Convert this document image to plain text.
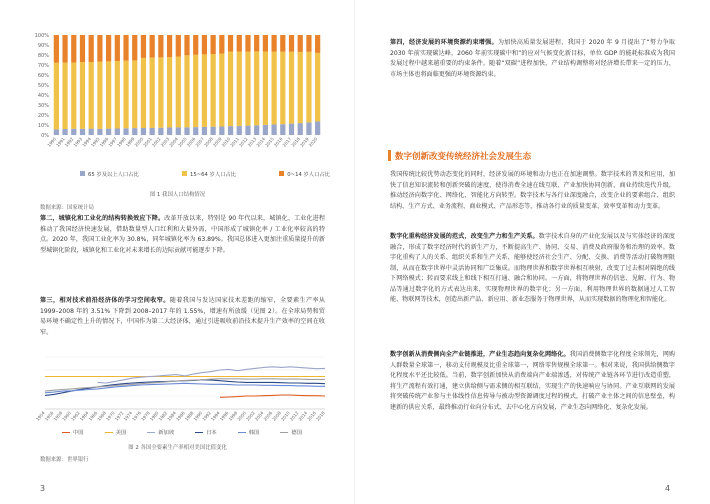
100%
90%
80%
70%
60%
50%
40%
30%
20%
10%
0%
1990
1991
1992
1993
1994
1995
1996
1997
1998
1999
2000
2001
2002
2003
2004
2005
2006
2007
2008
2009
2010
2011
2012
2013
2014
2015
2016
2017
2018
2019
2020
65 岁及以上人口占比	15~64 岁人口占比	0~14 岁人口占比
图 1 我国人口结构情况
数据来源：国家统计局

第二，城镇化和工业化的结构转换效应下降。改革开放以来，特别是 90 年代以来，城镇化、工业化进程推动了我国经济快速发展，借助数量型人口红利和大量外需，中国形成了城镇化率 / 工业化率较高的特点。2020 年，我国工业化率为 30.8%，同年城镇化率为 63.89%。我国总体进入更加注重质量提升的新型城镇化阶段，城镇化和工业化对未来增长的边际贡献可能逐步下降。

第三，相对技术前沿经济体的学习空间收窄。随着我国与发达国家技术差距的缩窄，全要素生产率从 1999–2008 年的 3.51% 下降到 2008–2017 年的 1.55%，增速有所放缓（见图 2）。在全球局势和贸易环境不确定性上升的情况下，中国作为第二大经济体，通过引进吸收前沿技术提升生产效率的空间在收窄。

1954
1956
1958
1960
1962
1964
1966
1968
1970
1972
1974
1976
1978
1980
1982
1984
1986
1988
1990
1992
1994
1996
1998
2000
2002
2004
2006
2008
2010
2012
2014
2016
2018
中国	美国	新加坡	日本	韩国	德国
图 2 各国全要素生产率相对美国比值变化
数据来源：世界银行
3

第四，经济发展的环境资源约束增强。为加快高质量发展进程，我国于 2020 年 9 月提出了“努力争取 2030 年前实现碳达峰，2060 年前实现碳中和”的应对气候变化新目标，单位 GDP 的能耗标准成为我国发展过程中越来越重要的约束条件。随着“双碳”进程加快，产业结构调整将对经济增长带来一定的压力，市场主体也将面临更强的环境资源约束。

数字创新改变传统经济社会发展生态

我国传统比较优势动态变化的同时，经济发展的环境和动力也正在加速调整。数字技术的普及和应用，加快了信息知识流转和创新突破的速度，使得消费全速在线互联、产业加快协同创新、商业持续迭代升级，推动经济向数字化、网络化、智能化方向转型。数字技术与各行业深度融合，改变企业的要素组合、组织结构、生产方式、业务流程、商业模式、产品形态等，推动各行业的质量变革、效率变革和动力变革。

数字化重构经济发展的范式，改变生产力和生产关系。数字技术自身的产业化发展以及与实体经济的深度融合，形成了数字经济时代的新生产力，不断提高生产、协同、交易、消费及政府服务和治理的效率。数字化重构了人的关系、组织关系和生产关系，能够使经济社会生产、分配、交换、消费等活动打破物理限制，从而在数字世界中灵活协同和广泛集成。而物理世界和数字世界相互映射，改变了过去相对隔绝的线下网络模式；转而要求线上和线下相互打通、融合和协同。一方面，将物理世界的信息、见解、行为、物品等通过数字化的方式表达出来，实现物理世界的数字化；另一方面，利用物理世界的数据通过人工智能、物联网等技术，创造出新产品、新应用、新业态服务于物理世界，从而实现数据的物理化和智能化。

数字创新从消费侧向全产业链推进，产业生态趋向复杂化网络化。我国消费侧数字化程度全球领先，网购人群数量全球第一，移动支付规模及比重全球第一，网络零售规模全球第一。相对来说，我国供给侧数字化程度水平还比较低。当前，数字创新加快从消费端向产业端渗透，对传统产业链各环节进行改造重塑，将生产流程有效打通，建立供给侧与需求侧的相互联结，实现生产的快速响应与协同。产业互联网的发展将突破传统产业参与主体线性信息传导与被动型资源调度过程的模式，打破产业主体之间的信息壁垒，构建新的供应关系，最终推动行业向分布式、去中心化方向发展，产业生态向网络化、复杂化发展。

4
